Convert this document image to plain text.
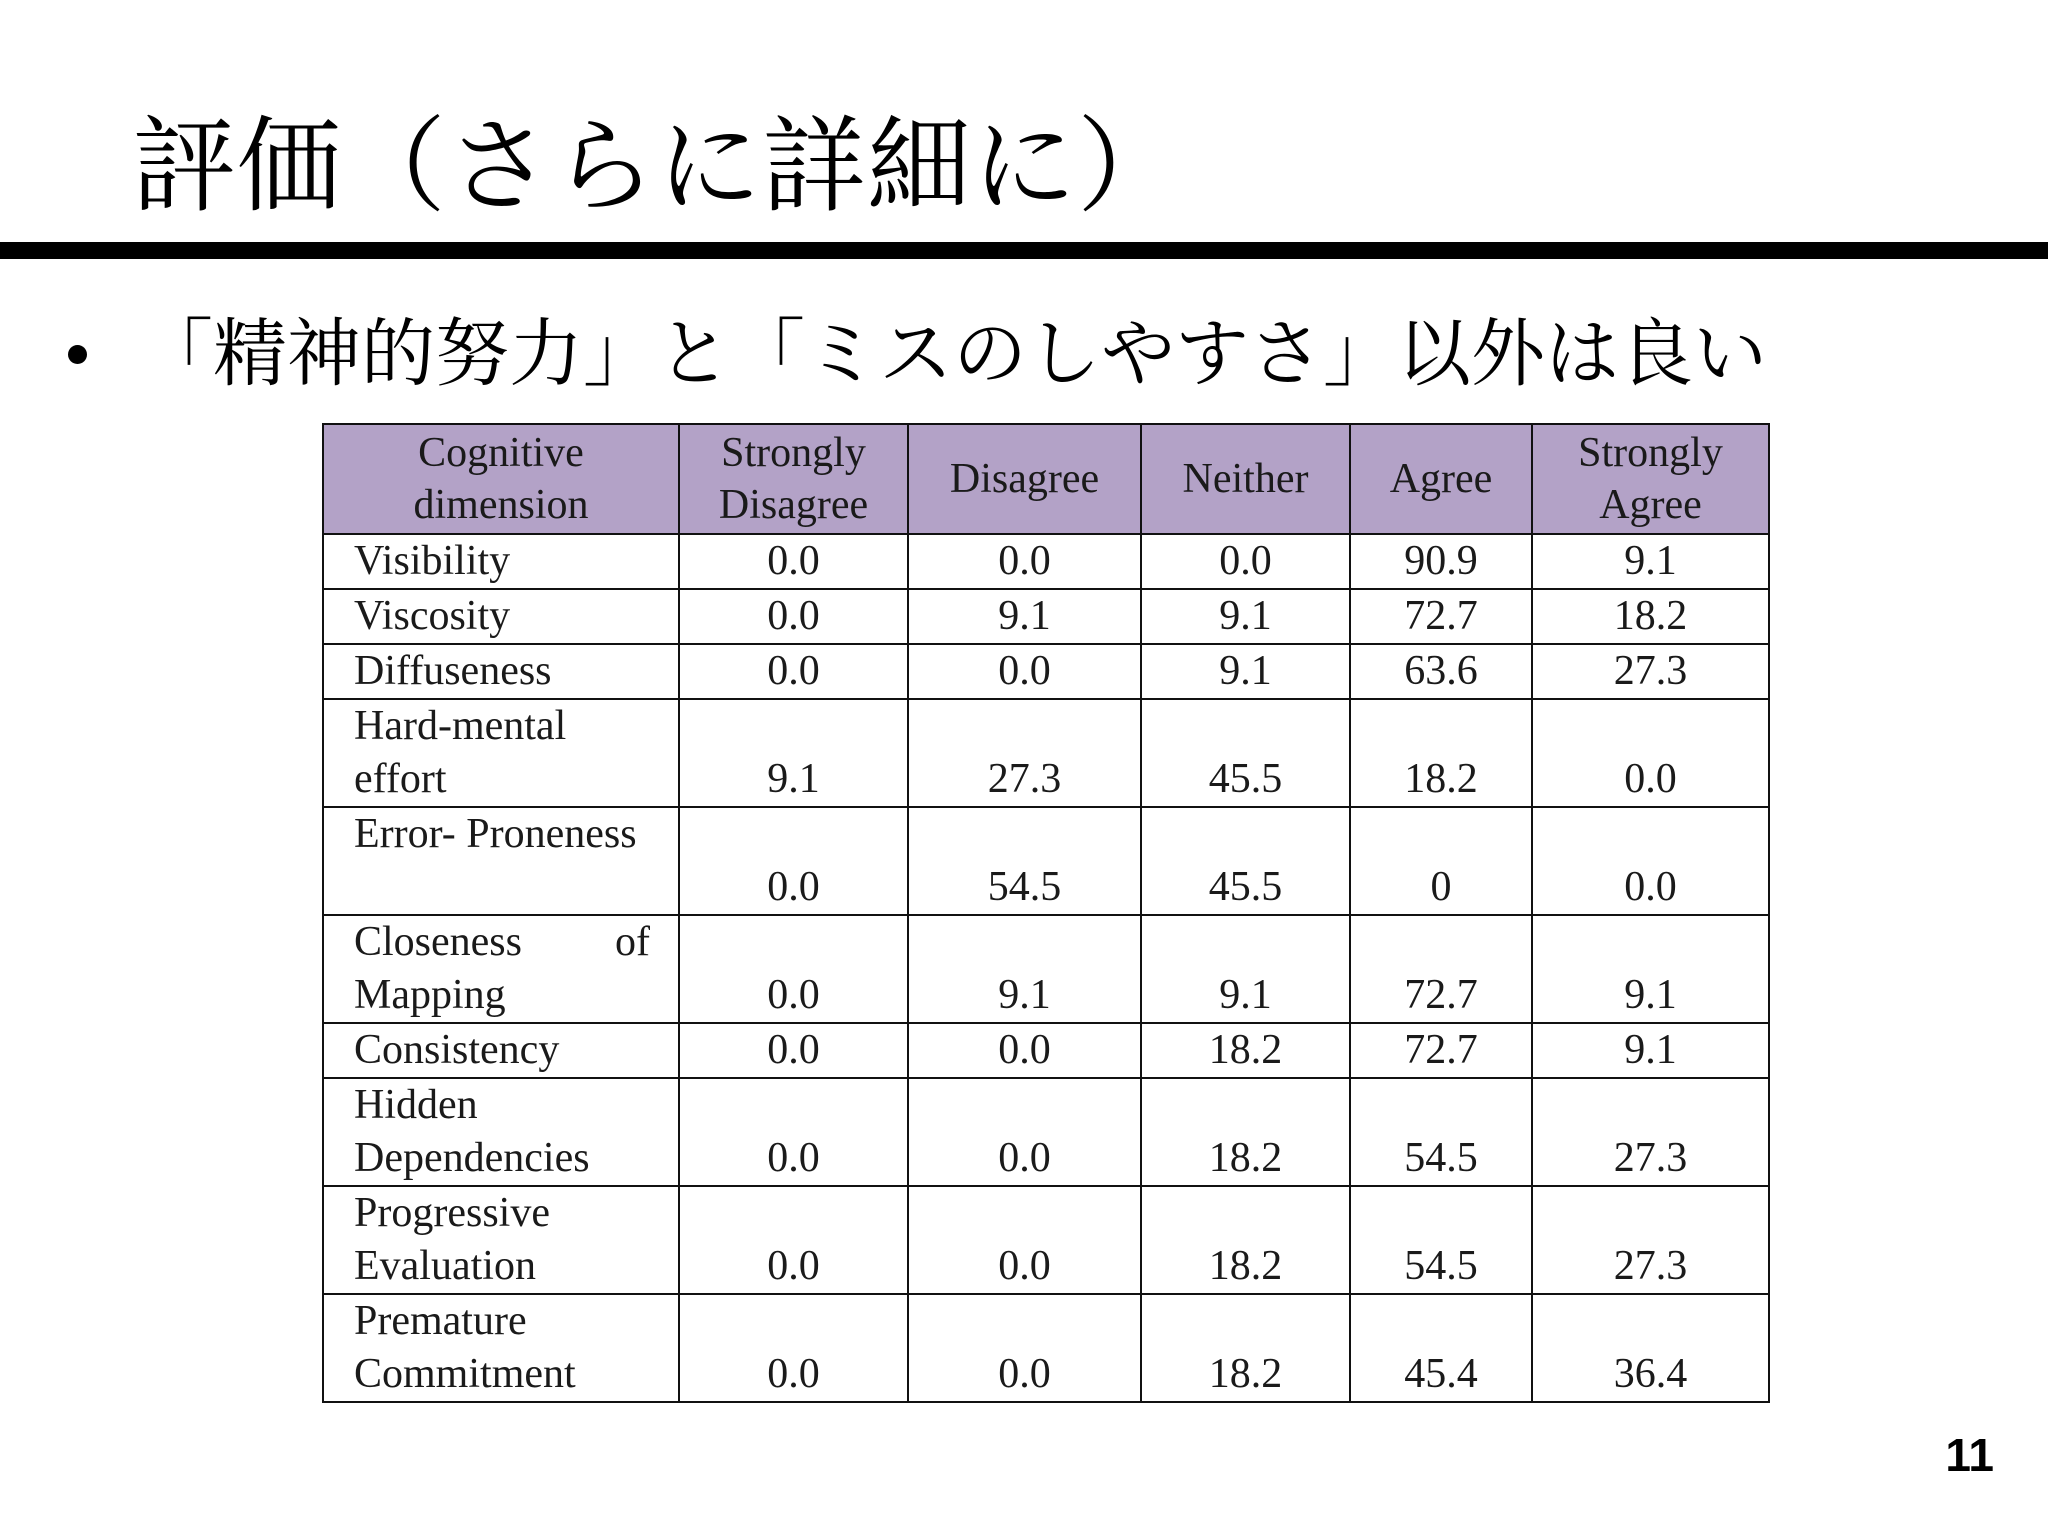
評価（さらに詳細に）
「精神的努力」と「ミスのしやすさ」以外は良い
Cognitive dimension	Strongly Disagree	Disagree	Neither	Agree	Strongly Agree
Visibility	0.0	0.0	0.0	90.9	9.1
Viscosity	0.0	9.1	9.1	72.7	18.2
Diffuseness	0.0	0.0	9.1	63.6	27.3
Hard-mental effort	9.1	27.3	45.5	18.2	0.0
Error- Proneness	0.0	54.5	45.5	0	0.0
Closeness of Mapping	0.0	9.1	9.1	72.7	9.1
Consistency	0.0	0.0	18.2	72.7	9.1
Hidden Dependencies	0.0	0.0	18.2	54.5	27.3
Progressive Evaluation	0.0	0.0	18.2	54.5	27.3
Premature Commitment	0.0	0.0	18.2	45.4	36.4
11
